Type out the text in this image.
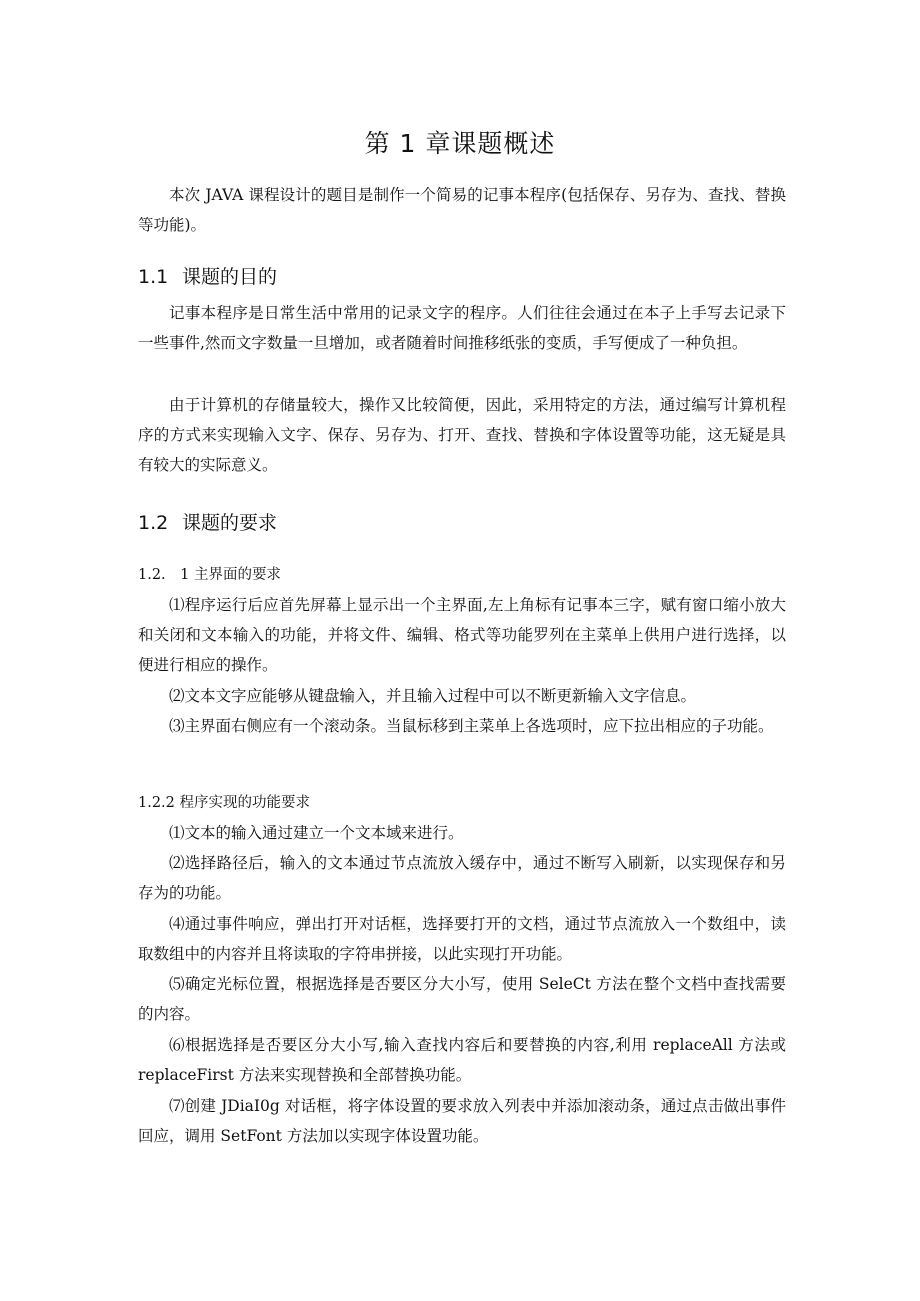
第 1 章课题概述

本次 JAVA 课程设计的题目是制作一个简易的记事本程序(包括保存、另存为、查找、替换等功能)。

1.1 课题的目的

记事本程序是日常生活中常用的记录文字的程序。人们往往会通过在本子上手写去记录下一些事件,然而文字数量一旦增加，或者随着时间推移纸张的变质，手写便成了一种负担。

由于计算机的存储量较大，操作又比较简便，因此，采用特定的方法，通过编写计算机程序的方式来实现输入文字、保存、另存为、打开、查找、替换和字体设置等功能，这无疑是具有较大的实际意义。

1.2 课题的要求
1.2.　1 主界面的要求

⑴程序运行后应首先屏幕上显示出一个主界面,左上角标有记事本三字，赋有窗口缩小放大和关闭和文本输入的功能，并将文件、编辑、格式等功能罗列在主菜单上供用户进行选择，以便进行相应的操作。

⑵文本文字应能够从键盘输入，并且输入过程中可以不断更新输入文字信息。

⑶主界面右侧应有一个滚动条。当鼠标移到主菜单上各选项时，应下拉出相应的子功能。

1.2.2 程序实现的功能要求

⑴文本的输入通过建立一个文本域来进行。

⑵选择路径后，输入的文本通过节点流放入缓存中，通过不断写入刷新，以实现保存和另存为的功能。

⑷通过事件响应，弹出打开对话框，选择要打开的文档，通过节点流放入一个数组中，读取数组中的内容并且将读取的字符串拼接，以此实现打开功能。

⑸确定光标位置，根据选择是否要区分大小写，使用 SeleCt 方法在整个文档中查找需要的内容。

⑹根据选择是否要区分大小写,输入查找内容后和要替换的内容,利用 replaceAll 方法或 replaceFirst 方法来实现替换和全部替换功能。

⑺创建 JDiaI0g 对话框，将字体设置的要求放入列表中并添加滚动条，通过点击做出事件回应，调用 SetFont 方法加以实现字体设置功能。
